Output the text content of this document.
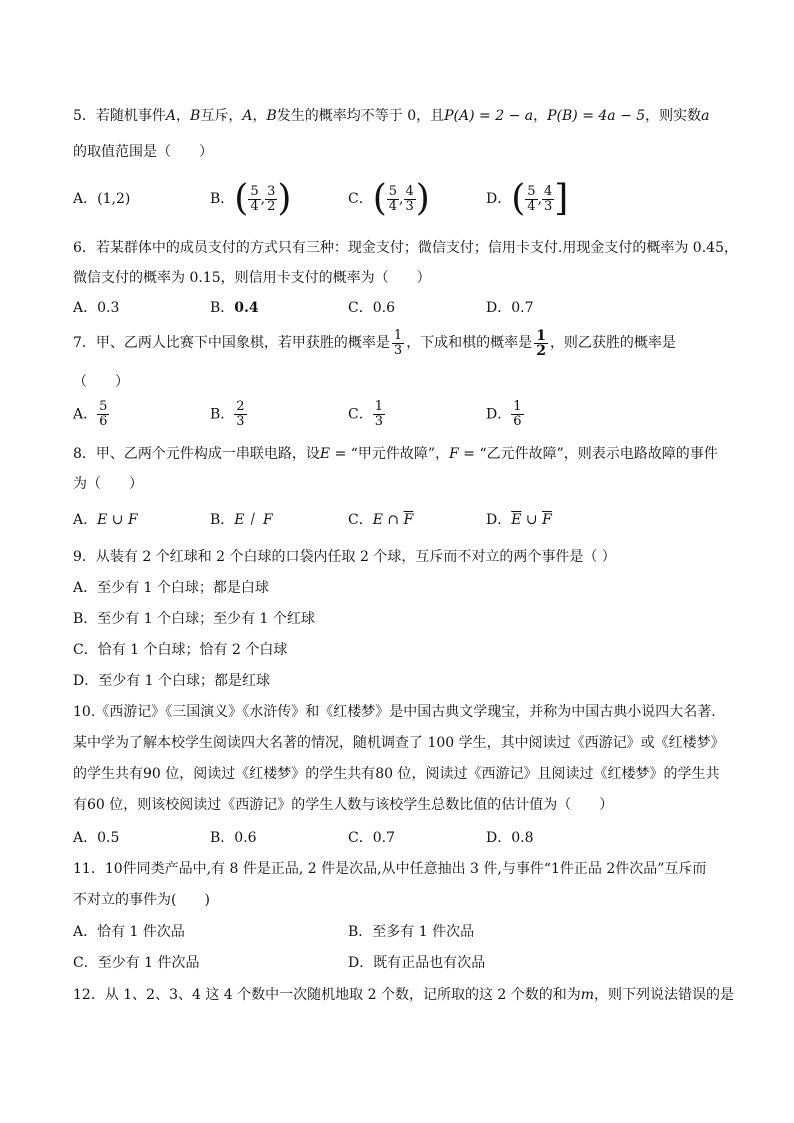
5．若随机事件A，B互斥，A，B发生的概率均不等于 0，且P(A) = 2 − a，P(B) = 4a − 5，则实数a
的取值范围是（　　）
A．(1,2)	B．( $\frac{5}{4}$ , $\frac{3}{2}$ )	C．( $\frac{5}{4}$ , $\frac{4}{3}$ )	D．( $\frac{5}{4}$ , $\frac{4}{3}$ ]
6．若某群体中的成员支付的方式只有三种：现金支付；微信支付；信用卡支付.用现金支付的概率为 0.45，
微信支付的概率为 0.15，则信用卡支付的概率为（　　）
A．0.3	B．0.4	C．0.6	D．0.7
7．甲、乙两人比赛下中国象棋，若甲获胜的概率是 $\frac{1}{3}$ ，下成和棋的概率是 $\frac{1}{2}$ ，则乙获胜的概率是
（　　）
A． $\frac{5}{6}$	B． $\frac{2}{3}$	C． $\frac{1}{3}$	D． $\frac{1}{6}$
8．甲、乙两个元件构成一串联电路，设E = “甲元件故障”，F = “乙元件故障”，则表示电路故障的事件
为（　　）
A．E ∪ F	B．E丨 F	C．E ∩ $\overline{F}$	D．$\overline{E}$ ∪ $\overline{F}$
9．从装有 2 个红球和 2 个白球的口袋内任取 2 个球，互斥而不对立的两个事件是（ ）
A．至少有 1 个白球；都是白球
B．至少有 1 个白球；至少有 1 个红球
C．恰有 1 个白球；恰有 2 个白球
D．至少有 1 个白球；都是红球
10.《西游记》《三国演义》《水浒传》和《红楼梦》是中国古典文学瑰宝，并称为中国古典小说四大名著.
某中学为了解本校学生阅读四大名著的情况，随机调查了 100 学生，其中阅读过《西游记》或《红楼梦》
的学生共有90 位，阅读过《红楼梦》的学生共有80 位，阅读过《西游记》且阅读过《红楼梦》的学生共
有60 位，则该校阅读过《西游记》的学生人数与该校学生总数比值的估计值为（　　）
A．0.5	B．0.6	C．0.7	D．0.8
11．10件同类产品中,有 8 件是正品, 2 件是次品,从中任意抽出 3 件,与事件“1件正品 2件次品”互斥而
不对立的事件为(　　)
A．恰有 1 件次品	B．至多有 1 件次品
C．至少有 1 件次品	D．既有正品也有次品
12．从 1、2、3、4 这 4 个数中一次随机地取 2 个数，记所取的这 2 个数的和为m，则下列说法错误的是
